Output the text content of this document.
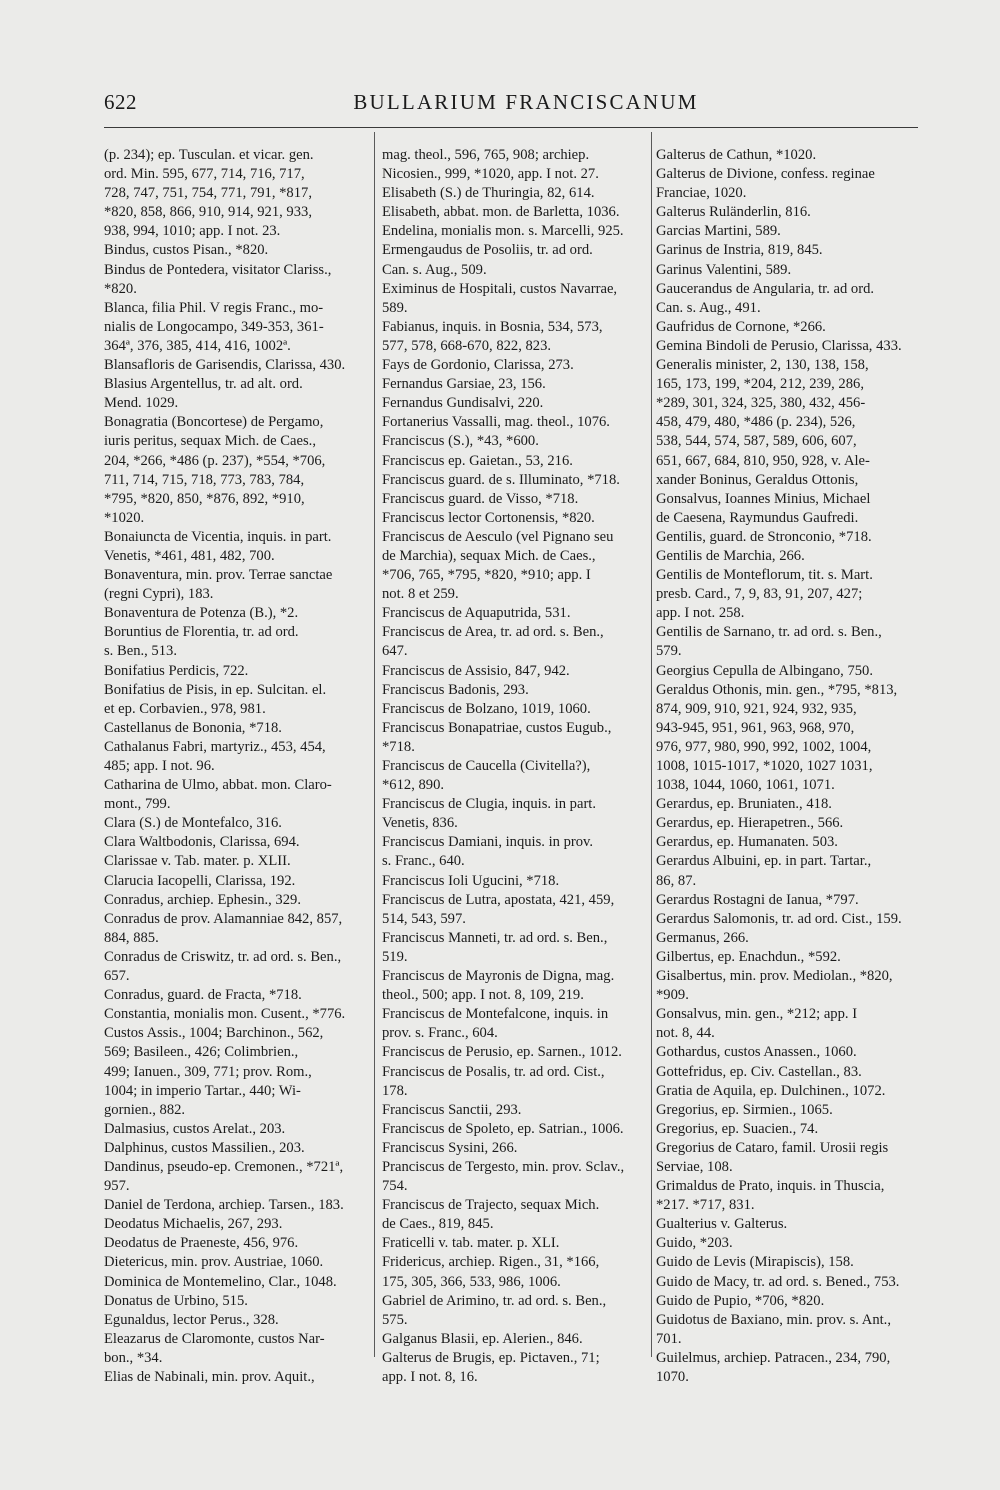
622	BULLARIUM FRANCISCANUM
(p. 234); ep. Tusculan. et vicar. gen.
ord. Min. 595, 677, 714, 716, 717,
728, 747, 751, 754, 771, 791, *817,
*820, 858, 866, 910, 914, 921, 933,
938, 994, 1010; app. I not. 23.
Bindus, custos Pisan., *820.
Bindus de Pontedera, visitator Clariss.,
*820.
Blanca, filia Phil. V regis Franc., mo-
nialis de Longocampo, 349-353, 361-
364ª, 376, 385, 414, 416, 1002ª.
Blansafloris de Garisendis, Clarissa, 430.
Blasius Argentellus, tr. ad alt. ord.
Mend. 1029.
Bonagratia (Boncortese) de Pergamo,
iuris peritus, sequax Mich. de Caes.,
204, *266, *486 (p. 237), *554, *706,
711, 714, 715, 718, 773, 783, 784,
*795, *820, 850, *876, 892, *910,
*1020.
Bonaiuncta de Vicentia, inquis. in part.
Venetis, *461, 481, 482, 700.
Bonaventura, min. prov. Terrae sanctae
(regni Cypri), 183.
Bonaventura de Potenza (B.), *2.
Boruntius de Florentia, tr. ad ord.
s. Ben., 513.
Bonifatius Perdicis, 722.
Bonifatius de Pisis, in ep. Sulcitan. el.
et ep. Corbavien., 978, 981.
Castellanus de Bononia, *718.
Cathalanus Fabri, martyriz., 453, 454,
485; app. I not. 96.
Catharina de Ulmo, abbat. mon. Claro-
mont., 799.
Clara (S.) de Montefalco, 316.
Clara Waltbodonis, Clarissa, 694.
Clarissae v. Tab. mater. p. XLII.
Clarucia Iacopelli, Clarissa, 192.
Conradus, archiep. Ephesin., 329.
Conradus de prov. Alamanniae 842, 857,
884, 885.
Conradus de Criswitz, tr. ad ord. s. Ben.,
657.
Conradus, guard. de Fracta, *718.
Constantia, monialis mon. Cusent., *776.
Custos Assis., 1004; Barchinon., 562,
569; Basileen., 426; Colimbrien.,
499; Ianuen., 309, 771; prov. Rom.,
1004; in imperio Tartar., 440; Wi-
gornien., 882.
Dalmasius, custos Arelat., 203.
Dalphinus, custos Massilien., 203.
Dandinus, pseudo-ep. Cremonen., *721ª,
957.
Daniel de Terdona, archiep. Tarsen., 183.
Deodatus Michaelis, 267, 293.
Deodatus de Praeneste, 456, 976.
Dietericus, min. prov. Austriae, 1060.
Dominica de Montemelino, Clar., 1048.
Donatus de Urbino, 515.
Egunaldus, lector Perus., 328.
Eleazarus de Claromonte, custos Nar-
bon., *34.
Elias de Nabinali, min. prov. Aquit.,
mag. theol., 596, 765, 908; archiep.
Nicosien., 999, *1020, app. I not. 27.
Elisabeth (S.) de Thuringia, 82, 614.
Elisabeth, abbat. mon. de Barletta, 1036.
Endelina, monialis mon. s. Marcelli, 925.
Ermengaudus de Posoliis, tr. ad ord.
Can. s. Aug., 509.
Eximinus de Hospitali, custos Navarrae,
589.
Fabianus, inquis. in Bosnia, 534, 573,
577, 578, 668-670, 822, 823.
Fays de Gordonio, Clarissa, 273.
Fernandus Garsiae, 23, 156.
Fernandus Gundisalvi, 220.
Fortanerius Vassalli, mag. theol., 1076.
Franciscus (S.), *43, *600.
Franciscus ep. Gaietan., 53, 216.
Franciscus guard. de s. Illuminato, *718.
Franciscus guard. de Visso, *718.
Franciscus lector Cortonensis, *820.
Franciscus de Aesculo (vel Pignano seu
de Marchia), sequax Mich. de Caes.,
*706, 765, *795, *820, *910; app. I
not. 8 et 259.
Franciscus de Aquaputrida, 531.
Franciscus de Area, tr. ad ord. s. Ben.,
647.
Franciscus de Assisio, 847, 942.
Franciscus Badonis, 293.
Franciscus de Bolzano, 1019, 1060.
Franciscus Bonapatriae, custos Eugub.,
*718.
Franciscus de Caucella (Civitella?),
*612, 890.
Franciscus de Clugia, inquis. in part.
Venetis, 836.
Franciscus Damiani, inquis. in prov.
s. Franc., 640.
Franciscus Ioli Ugucini, *718.
Franciscus de Lutra, apostata, 421, 459,
514, 543, 597.
Franciscus Manneti, tr. ad ord. s. Ben.,
519.
Franciscus de Mayronis de Digna, mag.
theol., 500; app. I not. 8, 109, 219.
Franciscus de Montefalcone, inquis. in
prov. s. Franc., 604.
Franciscus de Perusio, ep. Sarnen., 1012.
Franciscus de Posalis, tr. ad ord. Cist.,
178.
Franciscus Sanctii, 293.
Franciscus de Spoleto, ep. Satrian., 1006.
Franciscus Sysini, 266.
Pranciscus de Tergesto, min. prov. Sclav.,
754.
Franciscus de Trajecto, sequax Mich.
de Caes., 819, 845.
Fraticelli v. tab. mater. p. XLI.
Fridericus, archiep. Rigen., 31, *166,
175, 305, 366, 533, 986, 1006.
Gabriel de Arimino, tr. ad ord. s. Ben.,
575.
Galganus Blasii, ep. Alerien., 846.
Galterus de Brugis, ep. Pictaven., 71;
app. I not. 8, 16.
Galterus de Cathun, *1020.
Galterus de Divione, confess. reginae
Franciae, 1020.
Galterus Ruländerlin, 816.
Garcias Martini, 589.
Garinus de Instria, 819, 845.
Garinus Valentini, 589.
Gaucerandus de Angularia, tr. ad ord.
Can. s. Aug., 491.
Gaufridus de Cornone, *266.
Gemina Bindoli de Perusio, Clarissa, 433.
Generalis minister, 2, 130, 138, 158,
165, 173, 199, *204, 212, 239, 286,
*289, 301, 324, 325, 380, 432, 456-
458, 479, 480, *486 (p. 234), 526,
538, 544, 574, 587, 589, 606, 607,
651, 667, 684, 810, 950, 928, v. Ale-
xander Boninus, Geraldus Ottonis,
Gonsalvus, Ioannes Minius, Michael
de Caesena, Raymundus Gaufredi.
Gentilis, guard. de Stronconio, *718.
Gentilis de Marchia, 266.
Gentilis de Monteflorum, tit. s. Mart.
presb. Card., 7, 9, 83, 91, 207, 427;
app. I not. 258.
Gentilis de Sarnano, tr. ad ord. s. Ben.,
579.
Georgius Cepulla de Albingano, 750.
Geraldus Othonis, min. gen., *795, *813,
874, 909, 910, 921, 924, 932, 935,
943-945, 951, 961, 963, 968, 970,
976, 977, 980, 990, 992, 1002, 1004,
1008, 1015-1017, *1020, 1027 1031,
1038, 1044, 1060, 1061, 1071.
Gerardus, ep. Bruniaten., 418.
Gerardus, ep. Hierapetren., 566.
Gerardus, ep. Humanaten. 503.
Gerardus Albuini, ep. in part. Tartar.,
86, 87.
Gerardus Rostagni de Ianua, *797.
Gerardus Salomonis, tr. ad ord. Cist., 159.
Germanus, 266.
Gilbertus, ep. Enachdun., *592.
Gisalbertus, min. prov. Mediolan., *820,
*909.
Gonsalvus, min. gen., *212; app. I
not. 8, 44.
Gothardus, custos Anassen., 1060.
Gottefridus, ep. Civ. Castellan., 83.
Gratia de Aquila, ep. Dulchinen., 1072.
Gregorius, ep. Sirmien., 1065.
Gregorius, ep. Suacien., 74.
Gregorius de Cataro, famil. Urosii regis
Serviae, 108.
Grimaldus de Prato, inquis. in Thuscia,
*217. *717, 831.
Gualterius v. Galterus.
Guido, *203.
Guido de Levis (Mirapiscis), 158.
Guido de Macy, tr. ad ord. s. Bened., 753.
Guido de Pupio, *706, *820.
Guidotus de Baxiano, min. prov. s. Ant.,
701.
Guilelmus, archiep. Patracen., 234, 790,
1070.
